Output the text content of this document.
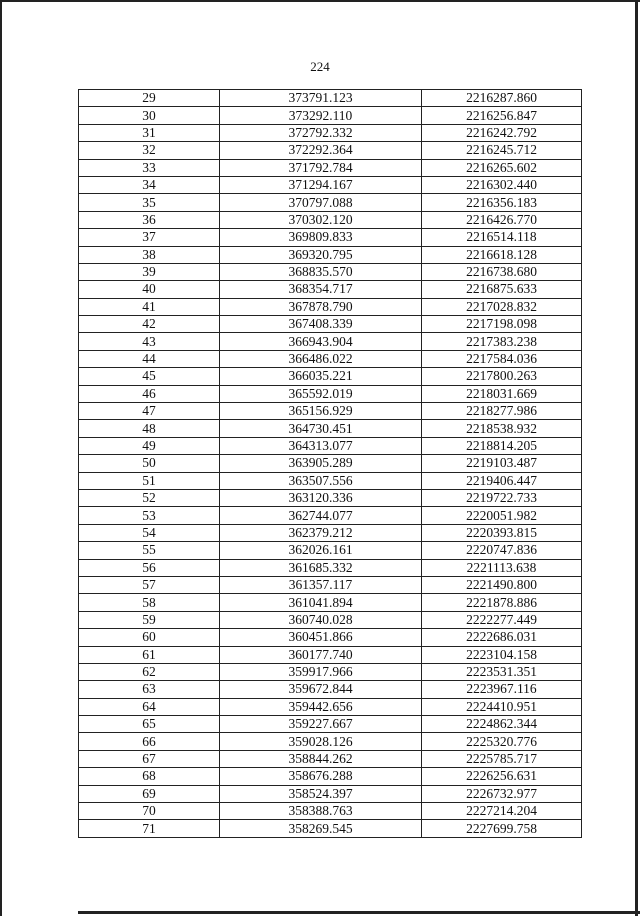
224
29	373791.123	2216287.860
30	373292.110	2216256.847
31	372792.332	2216242.792
32	372292.364	2216245.712
33	371792.784	2216265.602
34	371294.167	2216302.440
35	370797.088	2216356.183
36	370302.120	2216426.770
37	369809.833	2216514.118
38	369320.795	2216618.128
39	368835.570	2216738.680
40	368354.717	2216875.633
41	367878.790	2217028.832
42	367408.339	2217198.098
43	366943.904	2217383.238
44	366486.022	2217584.036
45	366035.221	2217800.263
46	365592.019	2218031.669
47	365156.929	2218277.986
48	364730.451	2218538.932
49	364313.077	2218814.205
50	363905.289	2219103.487
51	363507.556	2219406.447
52	363120.336	2219722.733
53	362744.077	2220051.982
54	362379.212	2220393.815
55	362026.161	2220747.836
56	361685.332	2221113.638
57	361357.117	2221490.800
58	361041.894	2221878.886
59	360740.028	2222277.449
60	360451.866	2222686.031
61	360177.740	2223104.158
62	359917.966	2223531.351
63	359672.844	2223967.116
64	359442.656	2224410.951
65	359227.667	2224862.344
66	359028.126	2225320.776
67	358844.262	2225785.717
68	358676.288	2226256.631
69	358524.397	2226732.977
70	358388.763	2227214.204
71	358269.545	2227699.758
